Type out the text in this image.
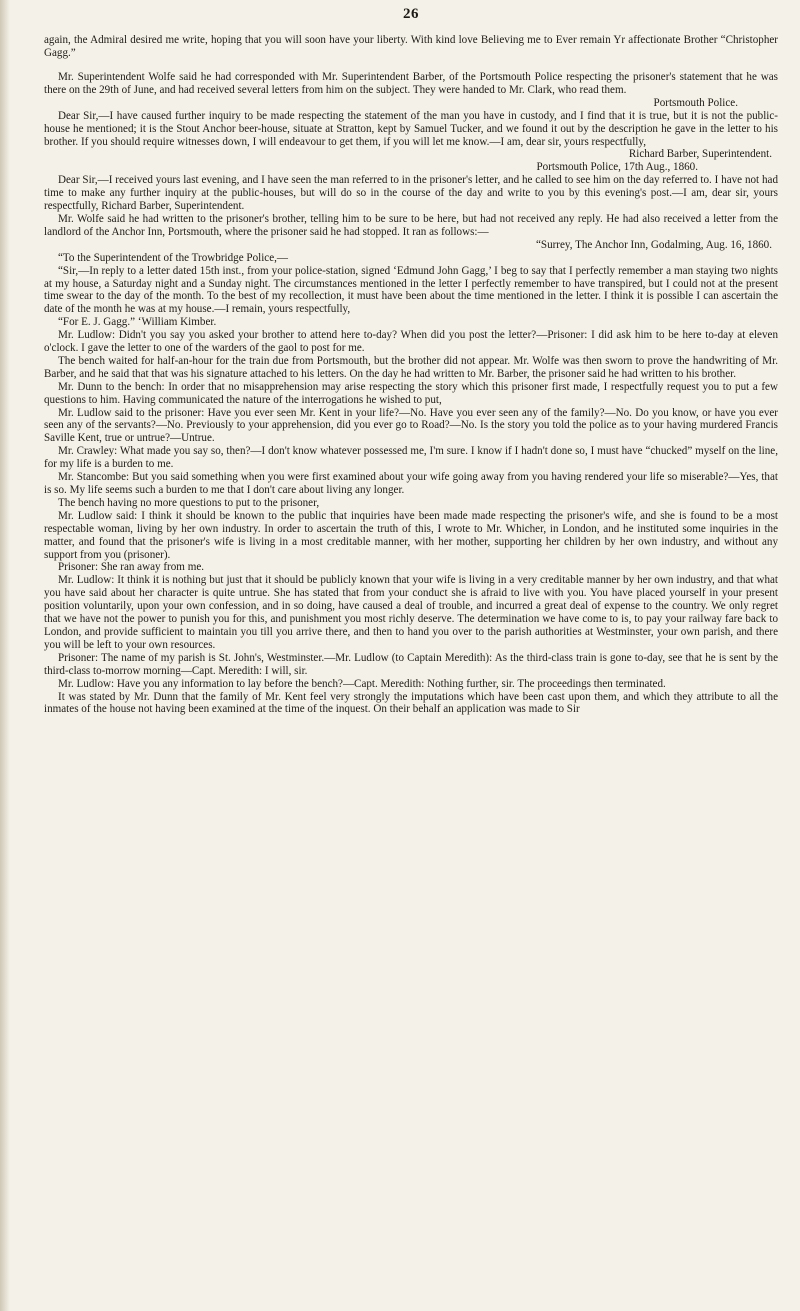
26

again, the Admiral desired me write, hoping that you will soon have your liberty. With kind love Believing me to Ever remain Yr affectionate Brother “Christopher Gagg.”

Mr. Superintendent Wolfe said he had corresponded with Mr. Superintendent Barber, of the Portsmouth Police respecting the prisoner's statement that he was there on the 29th of June, and had received several letters from him on the subject. They were handed to Mr. Clark, who read them.

Portsmouth Police.

Dear Sir,—I have caused further inquiry to be made respecting the statement of the man you have in custody, and I find that it is true, but it is not the public-house he mentioned; it is the Stout Anchor beer-house, situate at Stratton, kept by Samuel Tucker, and we found it out by the description he gave in the letter to his brother. If you should require witnesses down, I will endeavour to get them, if you will let me know.—I am, dear sir, yours respectfully,

Richard Barber, Superintendent.

Portsmouth Police, 17th Aug., 1860.

Dear Sir,—I received yours last evening, and I have seen the man referred to in the prisoner's letter, and he called to see him on the day referred to. I have not had time to make any further inquiry at the public-houses, but will do so in the course of the day and write to you by this evening's post.—I am, dear sir, yours respectfully, Richard Barber, Superintendent.

Mr. Wolfe said he had written to the prisoner's brother, telling him to be sure to be here, but had not received any reply. He had also received a letter from the landlord of the Anchor Inn, Portsmouth, where the prisoner said he had stopped. It ran as follows:—

“Surrey, The Anchor Inn, Godalming, Aug. 16, 1860.

“To the Superintendent of the Trowbridge Police,—

“Sir,—In reply to a letter dated 15th inst., from your police-station, signed ‘Edmund John Gagg,’ I beg to say that I perfectly remember a man staying two nights at my house, a Saturday night and a Sunday night. The circumstances mentioned in the letter I perfectly remember to have transpired, but I could not at the present time swear to the day of the month. To the best of my recollection, it must have been about the time mentioned in the letter. I think it is possible I can ascertain the date of the month he was at my house.—I remain, yours respectfully,

“For E. J. Gagg.” ‘William Kimber.

Mr. Ludlow: Didn't you say you asked your brother to attend here to-day? When did you post the letter?—Prisoner: I did ask him to be here to-day at eleven o'clock. I gave the letter to one of the warders of the gaol to post for me.

The bench waited for half-an-hour for the train due from Portsmouth, but the brother did not appear. Mr. Wolfe was then sworn to prove the handwriting of Mr. Barber, and he said that that was his signature attached to his letters. On the day he had written to Mr. Barber, the prisoner said he had written to his brother.

Mr. Dunn to the bench: In order that no misapprehension may arise respecting the story which this prisoner first made, I respectfully request you to put a few questions to him. Having communicated the nature of the interrogations he wished to put,

Mr. Ludlow said to the prisoner: Have you ever seen Mr. Kent in your life?—No. Have you ever seen any of the family?—No. Do you know, or have you ever seen any of the servants?—No. Previously to your apprehension, did you ever go to Road?—No. Is the story you told the police as to your having murdered Francis Saville Kent, true or untrue?—Untrue.

Mr. Crawley: What made you say so, then?—I don't know whatever possessed me, I'm sure. I know if I hadn't done so, I must have “chucked” myself on the line, for my life is a burden to me.

Mr. Stancombe: But you said something when you were first examined about your wife going away from you having rendered your life so miserable?—Yes, that is so. My life seems such a burden to me that I don't care about living any longer.

The bench having no more questions to put to the prisoner,

Mr. Ludlow said: I think it should be known to the public that inquiries have been made made respecting the prisoner's wife, and she is found to be a most respectable woman, living by her own industry. In order to ascertain the truth of this, I wrote to Mr. Whicher, in London, and he instituted some inquiries in the matter, and found that the prisoner's wife is living in a most creditable manner, with her mother, supporting her children by her own industry, and without any support from you (prisoner).

Prisoner: She ran away from me.

Mr. Ludlow: It think it is nothing but just that it should be publicly known that your wife is living in a very creditable manner by her own industry, and that what you have said about her character is quite untrue. She has stated that from your conduct she is afraid to live with you. You have placed yourself in your present position voluntarily, upon your own confession, and in so doing, have caused a deal of trouble, and incurred a great deal of expense to the country. We only regret that we have not the power to punish you for this, and punishment you most richly deserve. The determination we have come to is, to pay your railway fare back to London, and provide sufficient to maintain you till you arrive there, and then to hand you over to the parish authorities at Westminster, your own parish, and there you will be left to your own resources.

Prisoner: The name of my parish is St. John's, Westminster.—Mr. Ludlow (to Captain Meredith): As the third-class train is gone to-day, see that he is sent by the third-class to-morrow morning—Capt. Meredith: I will, sir.

Mr. Ludlow: Have you any information to lay before the bench?—Capt. Meredith: Nothing further, sir. The proceedings then terminated.

It was stated by Mr. Dunn that the family of Mr. Kent feel very strongly the imputations which have been cast upon them, and which they attribute to all the inmates of the house not having been examined at the time of the inquest. On their behalf an application was made to Sir
